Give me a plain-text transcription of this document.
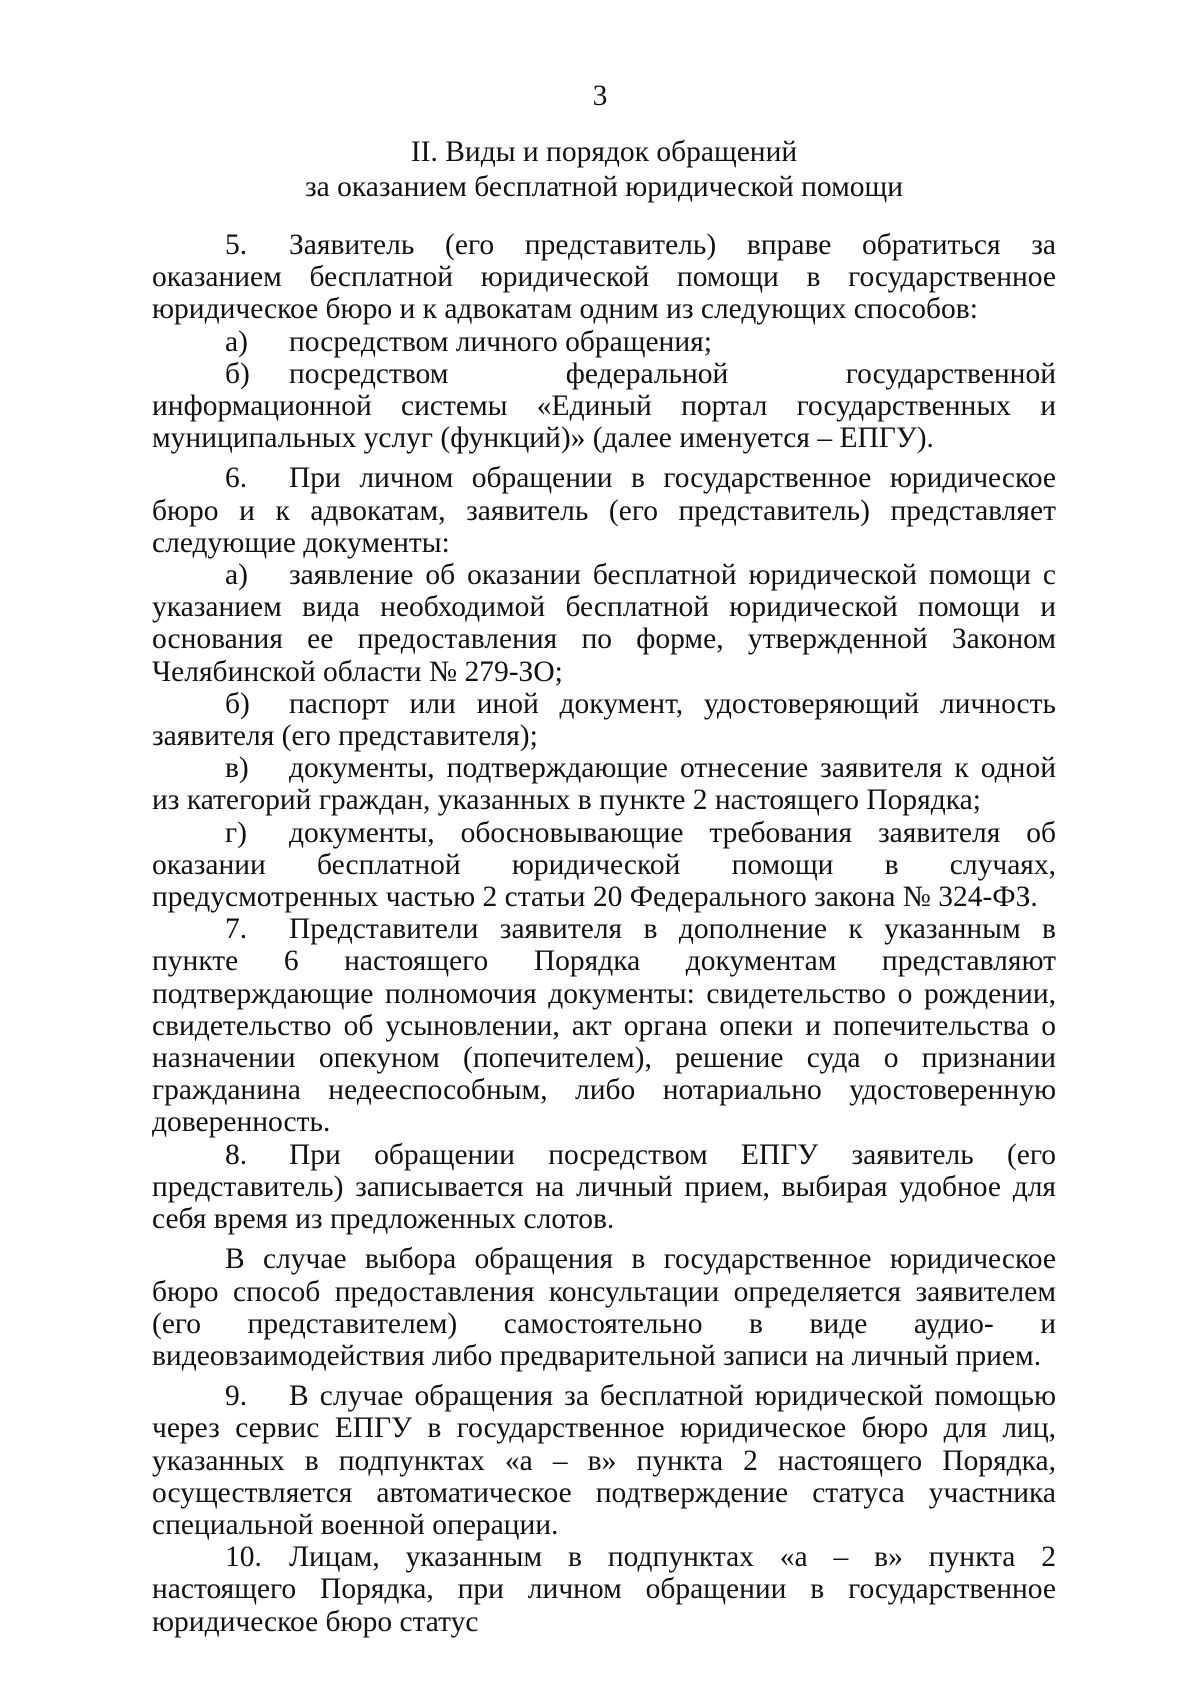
3
II. Виды и порядок обращений
за оказанием бесплатной юридической помощи

5. Заявитель (его представитель) вправе обратиться за оказанием бесплатной юридической помощи в государственное юридическое бюро и к адвокатам одним из следующих способов:

а) посредством личного обращения;

б) посредством федеральной государственной информационной системы «Единый портал государственных и муниципальных услуг (функций)» (далее именуется – ЕПГУ).

6. При личном обращении в государственное юридическое бюро и к адвокатам, заявитель (его представитель) представляет следующие документы:

а) заявление об оказании бесплатной юридической помощи с указанием вида необходимой бесплатной юридической помощи и основания ее предоставления по форме, утвержденной Законом Челябинской области № 279-ЗО;

б) паспорт или иной документ, удостоверяющий личность заявителя (его представителя);

в) документы, подтверждающие отнесение заявителя к одной из категорий граждан, указанных в пункте 2 настоящего Порядка;

г) документы, обосновывающие требования заявителя об оказании бесплатной юридической помощи в случаях, предусмотренных частью 2 статьи 20 Федерального закона № 324-ФЗ.

7. Представители заявителя в дополнение к указанным в пункте 6 настоящего Порядка документам представляют подтверждающие полномочия документы: свидетельство о рождении, свидетельство об усыновлении, акт органа опеки и попечительства о назначении опекуном (попечителем), решение суда о признании гражданина недееспособным, либо нотариально удостоверенную доверенность.

8. При обращении посредством ЕПГУ заявитель (его представитель) записывается на личный прием, выбирая удобное для себя время из предложенных слотов.

В случае выбора обращения в государственное юридическое бюро способ предоставления консультации определяется заявителем (его представителем) самостоятельно в виде аудио- и видеовзаимодействия либо предварительной записи на личный прием.

9. В случае обращения за бесплатной юридической помощью через сервис ЕПГУ в государственное юридическое бюро для лиц, указанных в подпунктах «а – в» пункта 2 настоящего Порядка, осуществляется автоматическое подтверждение статуса участника специальной военной операции.

10. Лицам, указанным в подпунктах «а – в» пункта 2 настоящего Порядка, при личном обращении в государственное юридическое бюро статус
